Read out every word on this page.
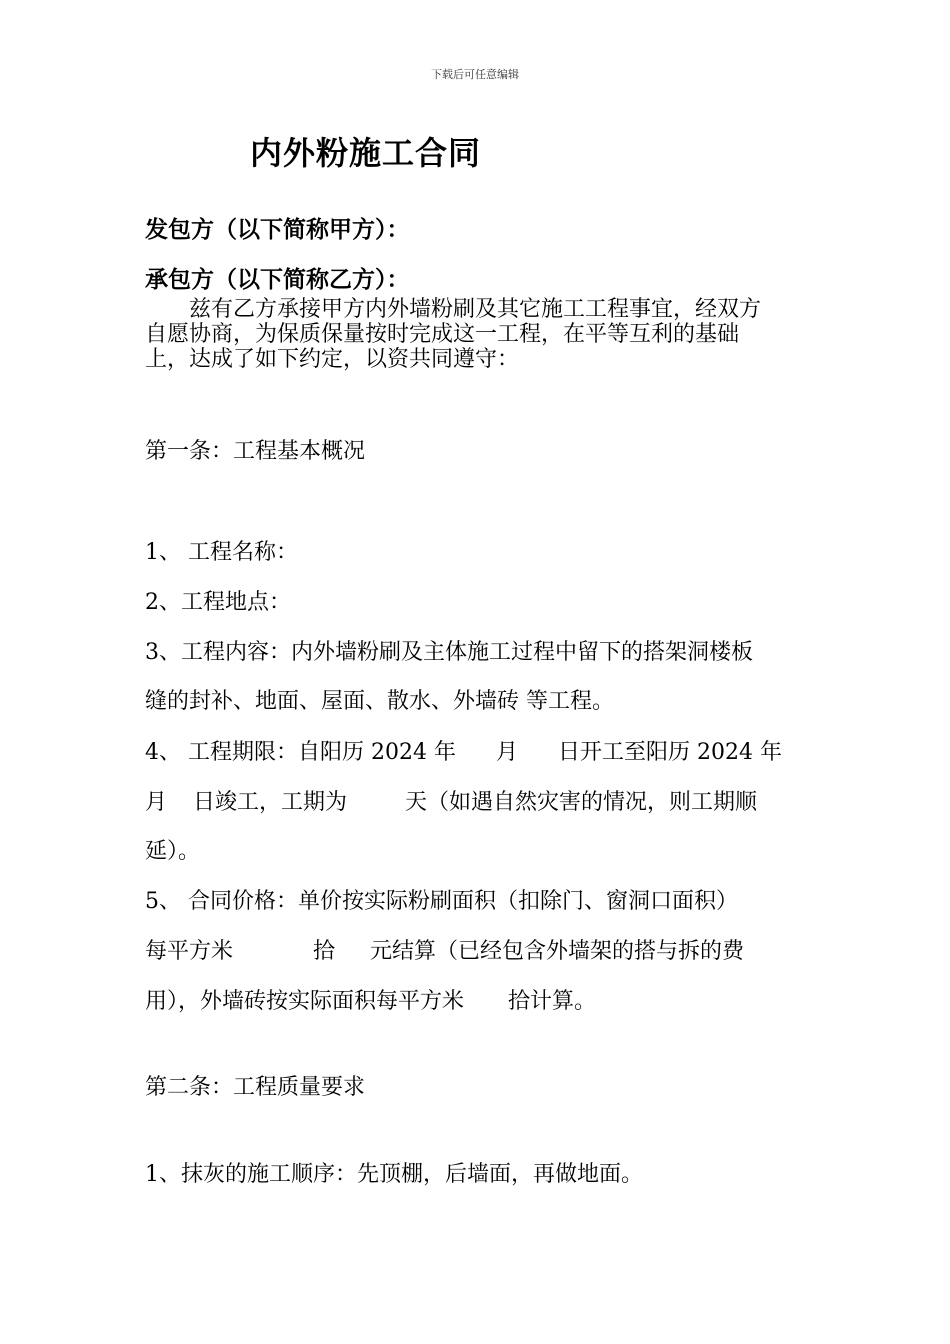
下载后可任意编辑
内外粉施工合同
发包方（以下简称甲方）：
承包方（以下简称乙方）：

兹有乙方承接甲方内外墙粉刷及其它施工工程事宜，经双方

自愿协商，为保质保量按时完成这一工程，在平等互利的基础

上，达成了如下约定，以资共同遵守：

第一条：工程基本概况
1、 工程名称：
2、工程地点：
3、工程内容：内外墙粉刷及主体施工过程中留下的搭架洞楼板
缝的封补、地面、屋面、散水、外墙砖 等工程。
4、 工程期限：自阳历 2024 年 月 日开工至阳历 2024 年
月 日竣工，工期为	天（如遇自然灾害的情况，则工期顺
延）。
5、 合同价格：单价按实际粉刷面积（扣除门、窗洞口面积）
每平方米	拾 元结算（已经包含外墙架的搭与拆的费
用），外墙砖按实际面积每平方米 拾计算。
第二条：工程质量要求
1、抹灰的施工顺序：先顶棚，后墙面，再做地面。
